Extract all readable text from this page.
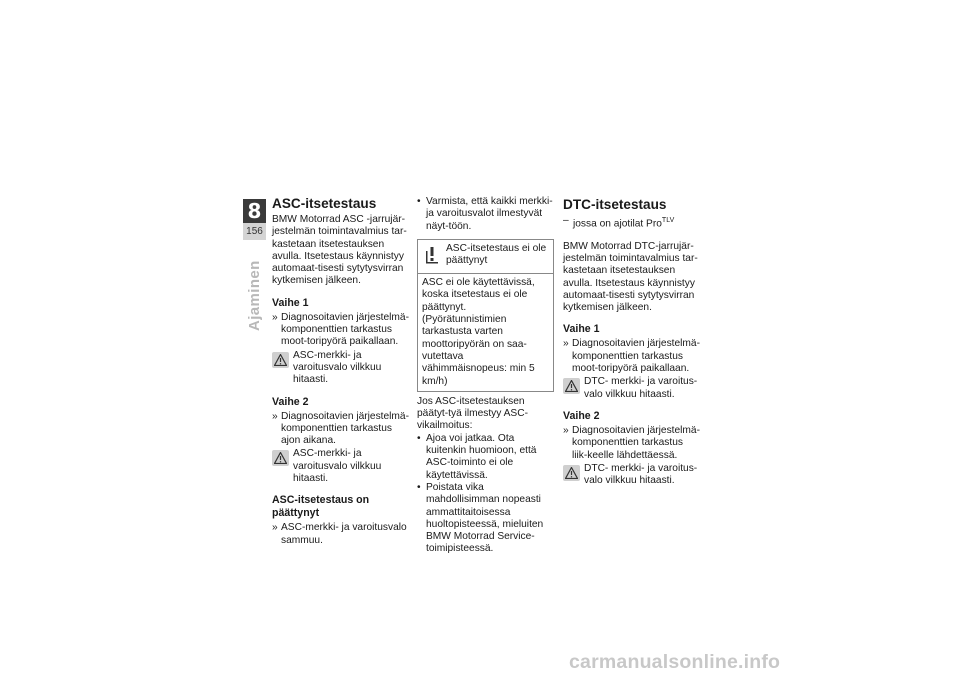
8
156
Ajaminen
ASC-itsetestaus

BMW Motorrad ASC -jarrujär-jestelmän toimintavalmius tar-kastetaan itsetestauksen avulla. Itsetestaus käynnistyy automaat-tisesti sytytysvirran kytkemisen jälkeen.

Vaihe 1

» Diagnosoitavien järjestelmä-komponenttien tarkastus moot-toripyörä paikallaan.

ASC-merkki- ja varoitusvalo vilkkuu hitaasti.
Vaihe 2

» Diagnosoitavien järjestelmä-komponenttien tarkastus ajon aikana.

ASC-merkki- ja varoitusvalo vilkkuu hitaasti.
ASC-itsetestaus on päättynyt

» ASC-merkki- ja varoitusvalo sammuu.

• Varmista, että kaikki merkki- ja varoitusvalot ilmestyvät näyt-töön.

ASC-itsetestaus ei ole päättynyt
ASC ei ole käytettävissä, koska itsetestaus ei ole päättynyt. (Pyörätunnistimien tarkastusta varten moottoripyörän on saa-vutettava vähimmäisnopeus: min 5 km/h)

Jos ASC-itsetestauksen päätyt-tyä ilmestyy ASC-vikailmoitus:

• Ajoa voi jatkaa. Ota kuitenkin huomioon, että ASC-toiminto ei ole käytettävissä.

• Poistata vika mahdollisimman nopeasti ammattitaitoisessa huoltopisteessä, mieluiten BMW Motorrad Service-toimipisteessä.

DTC-itsetestaus

– jossa on ajotilat Pro$^{TLV}$

BMW Motorrad DTC-jarrujär-jestelmän toimintavalmius tar-kastetaan itsetestauksen avulla. Itsetestaus käynnistyy automaat-tisesti sytytysvirran kytkemisen jälkeen.

Vaihe 1

» Diagnosoitavien järjestelmä-komponenttien tarkastus moot-toripyörä paikallaan.

DTC- merkki- ja varoitus-valo vilkkuu hitaasti.
Vaihe 2

» Diagnosoitavien järjestelmä-komponenttien tarkastus liik-keelle lähdettäessä.

DTC- merkki- ja varoitus-valo vilkkuu hitaasti.
carmanualsonline.info
